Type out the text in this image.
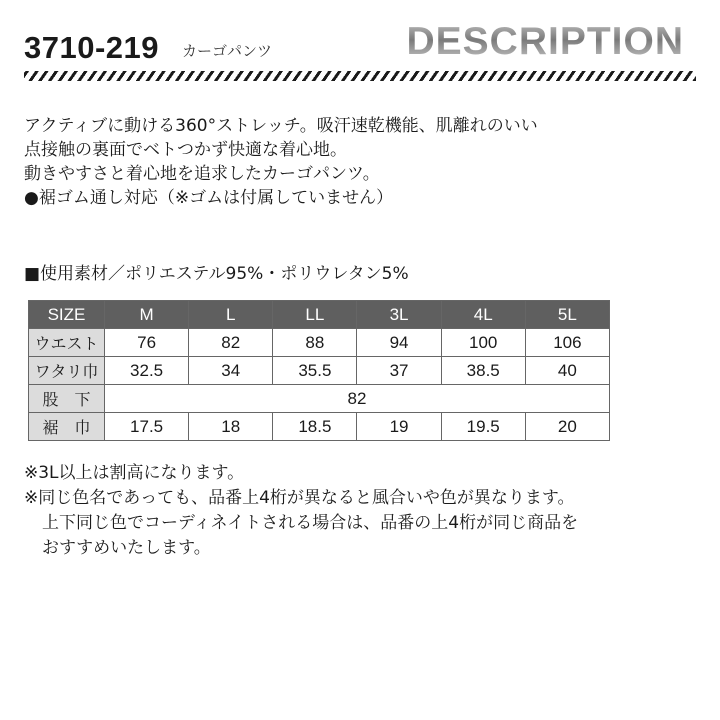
3710-219 カーゴパンツ	DESCRIPTION
アクティブに動ける360°ストレッチ。吸汗速乾機能、肌離れのいい
点接触の裏面でベトつかず快適な着心地。
動きやすさと着心地を追求したカーゴパンツ。
●裾ゴム通し対応（※ゴムは付属していません）
■使用素材／ポリエステル95%・ポリウレタン5%
SIZE	M	L	LL	3L	4L	5L
ウエスト	76	82	88	94	100	106
ワタリ巾	32.5	34	35.5	37	38.5	40
股　下	82					
裾　巾	17.5	18	18.5	19	19.5	20
※3L以上は割高になります。
※同じ色名であっても、品番上4桁が異なると風合いや色が異なります。
上下同じ色でコーディネイトされる場合は、品番の上4桁が同じ商品を
おすすめいたします。
